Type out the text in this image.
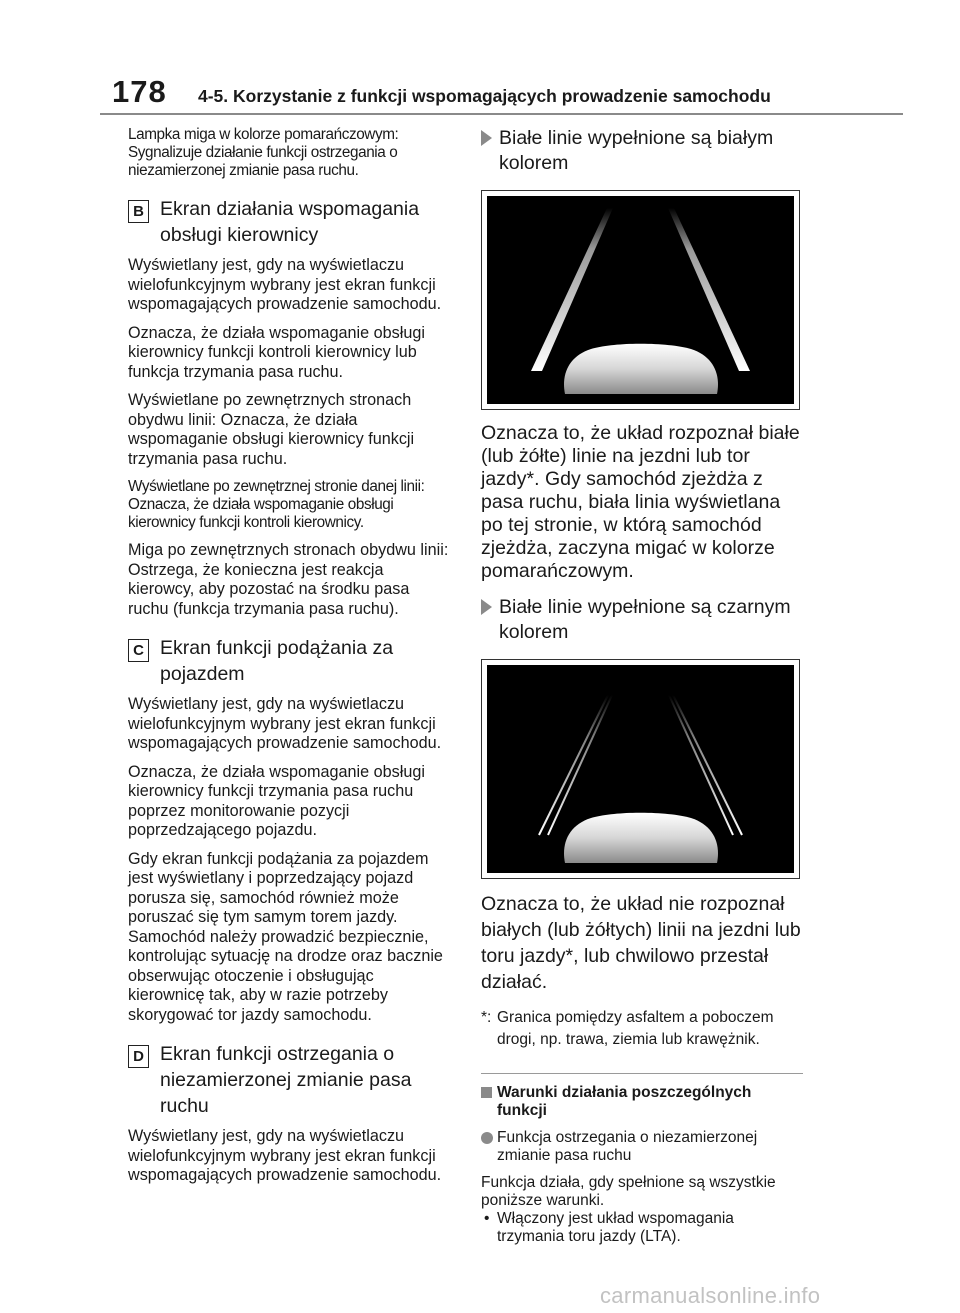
178 4-5. Korzystanie z funkcji wspomagających prowadzenie samochodu

Lampka miga w kolorze pomarańczowym: Sygnalizuje działanie funkcji ostrzegania o niezamierzonej zmianie pasa ruchu.

B Ekran działania wspomagania obsługi kierownicy

Wyświetlany jest, gdy na wyświetlaczu wielofunkcyjnym wybrany jest ekran funkcji wspomagających prowadzenie samochodu.

Oznacza, że działa wspomaganie obsługi kierownicy funkcji kontroli kierownicy lub funkcja trzymania pasa ruchu.

Wyświetlane po zewnętrznych stronach obydwu linii: Oznacza, że działa wspomaganie obsługi kierownicy funkcji trzymania pasa ruchu.

Wyświetlane po zewnętrznej stronie danej linii: Oznacza, że działa wspomaganie obsługi kierownicy funkcji kontroli kierownicy.

Miga po zewnętrznych stronach obydwu linii: Ostrzega, że konieczna jest reakcja kierowcy, aby pozostać na środku pasa ruchu (funkcja trzymania pasa ruchu).

C Ekran funkcji podążania za pojazdem

Wyświetlany jest, gdy na wyświetlaczu wielofunkcyjnym wybrany jest ekran funkcji wspomagających prowadzenie samochodu.

Oznacza, że działa wspomaganie obsługi kierownicy funkcji trzymania pasa ruchu poprzez monitorowanie pozycji poprzedzającego pojazdu.

Gdy ekran funkcji podążania za pojazdem jest wyświetlany i poprzedzający pojazd porusza się, samochód również może poruszać się tym samym torem jazdy. Samochód należy prowadzić bezpiecznie, kontrolując sytuację na drodze oraz bacznie obserwując otoczenie i obsługując kierownicę tak, aby w razie potrzeby skorygować tor jazdy samochodu.

D Ekran funkcji ostrzegania o niezamierzonej zmianie pasa ruchu

Wyświetlany jest, gdy na wyświetlaczu wielofunkcyjnym wybrany jest ekran funkcji wspomagających prowadzenie samochodu.

Białe linie wypełnione są białym kolorem

Oznacza to, że układ rozpoznał białe (lub żółte) linie na jezdni lub tor jazdy*. Gdy samochód zjeżdża z pasa ruchu, biała linia wyświetlana po tej stronie, w którą samochód zjeżdża, zaczyna migać w kolorze pomarańczowym.

Białe linie wypełnione są czarnym kolorem

Oznacza to, że układ nie rozpoznał białych (lub żółtych) linii na jezdni lub toru jazdy*, lub chwilowo przestał działać.

*: Granica pomiędzy asfaltem a poboczem drogi, np. trawa, ziemia lub krawężnik.
Warunki działania poszczególnych funkcji
Funkcja ostrzegania o niezamierzonej zmianie pasa ruchu

Funkcja działa, gdy spełnione są wszystkie poniższe warunki.

• Włączony jest układ wspomagania trzymania toru jazdy (LTA).
carmanualsonline.info
